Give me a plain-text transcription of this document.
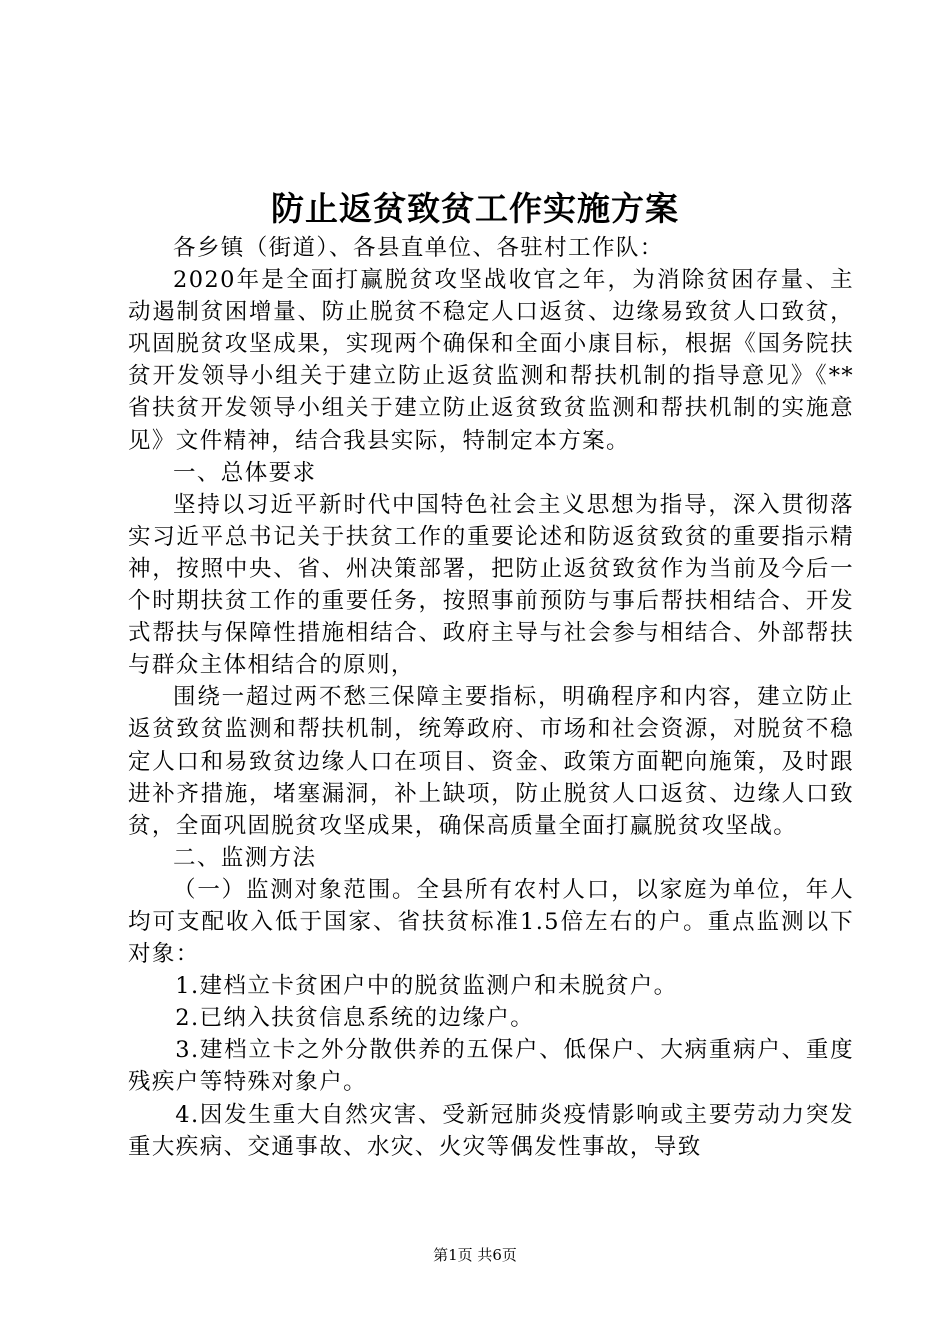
防止返贫致贫工作实施方案

各乡镇（街道）、各县直单位、各驻村工作队：

2020年是全面打赢脱贫攻坚战收官之年，为消除贫困存量、主动遏制贫困增量、防止脱贫不稳定人口返贫、边缘易致贫人口致贫，巩固脱贫攻坚成果，实现两个确保和全面小康目标，根据《国务院扶贫开发领导小组关于建立防止返贫监测和帮扶机制的指导意见》《**省扶贫开发领导小组关于建立防止返贫致贫监测和帮扶机制的实施意见》文件精神，结合我县实际，特制定本方案。

一、总体要求

坚持以习近平新时代中国特色社会主义思想为指导，深入贯彻落实习近平总书记关于扶贫工作的重要论述和防返贫致贫的重要指示精神，按照中央、省、州决策部署，把防止返贫致贫作为当前及今后一个时期扶贫工作的重要任务，按照事前预防与事后帮扶相结合、开发式帮扶与保障性措施相结合、政府主导与社会参与相结合、外部帮扶与群众主体相结合的原则，

围绕一超过两不愁三保障主要指标，明确程序和内容，建立防止返贫致贫监测和帮扶机制，统筹政府、市场和社会资源，对脱贫不稳定人口和易致贫边缘人口在项目、资金、政策方面靶向施策，及时跟进补齐措施，堵塞漏洞，补上缺项，防止脱贫人口返贫、边缘人口致贫，全面巩固脱贫攻坚成果，确保高质量全面打赢脱贫攻坚战。

二、监测方法

（一）监测对象范围。全县所有农村人口，以家庭为单位，年人均可支配收入低于国家、省扶贫标准1.5倍左右的户。重点监测以下对象：

1.建档立卡贫困户中的脱贫监测户和未脱贫户。

2.已纳入扶贫信息系统的边缘户。

3.建档立卡之外分散供养的五保户、低保户、大病重病户、重度残疾户等特殊对象户。

4.因发生重大自然灾害、受新冠肺炎疫情影响或主要劳动力突发重大疾病、交通事故、水灾、火灾等偶发性事故，导致

第1页 共6页
